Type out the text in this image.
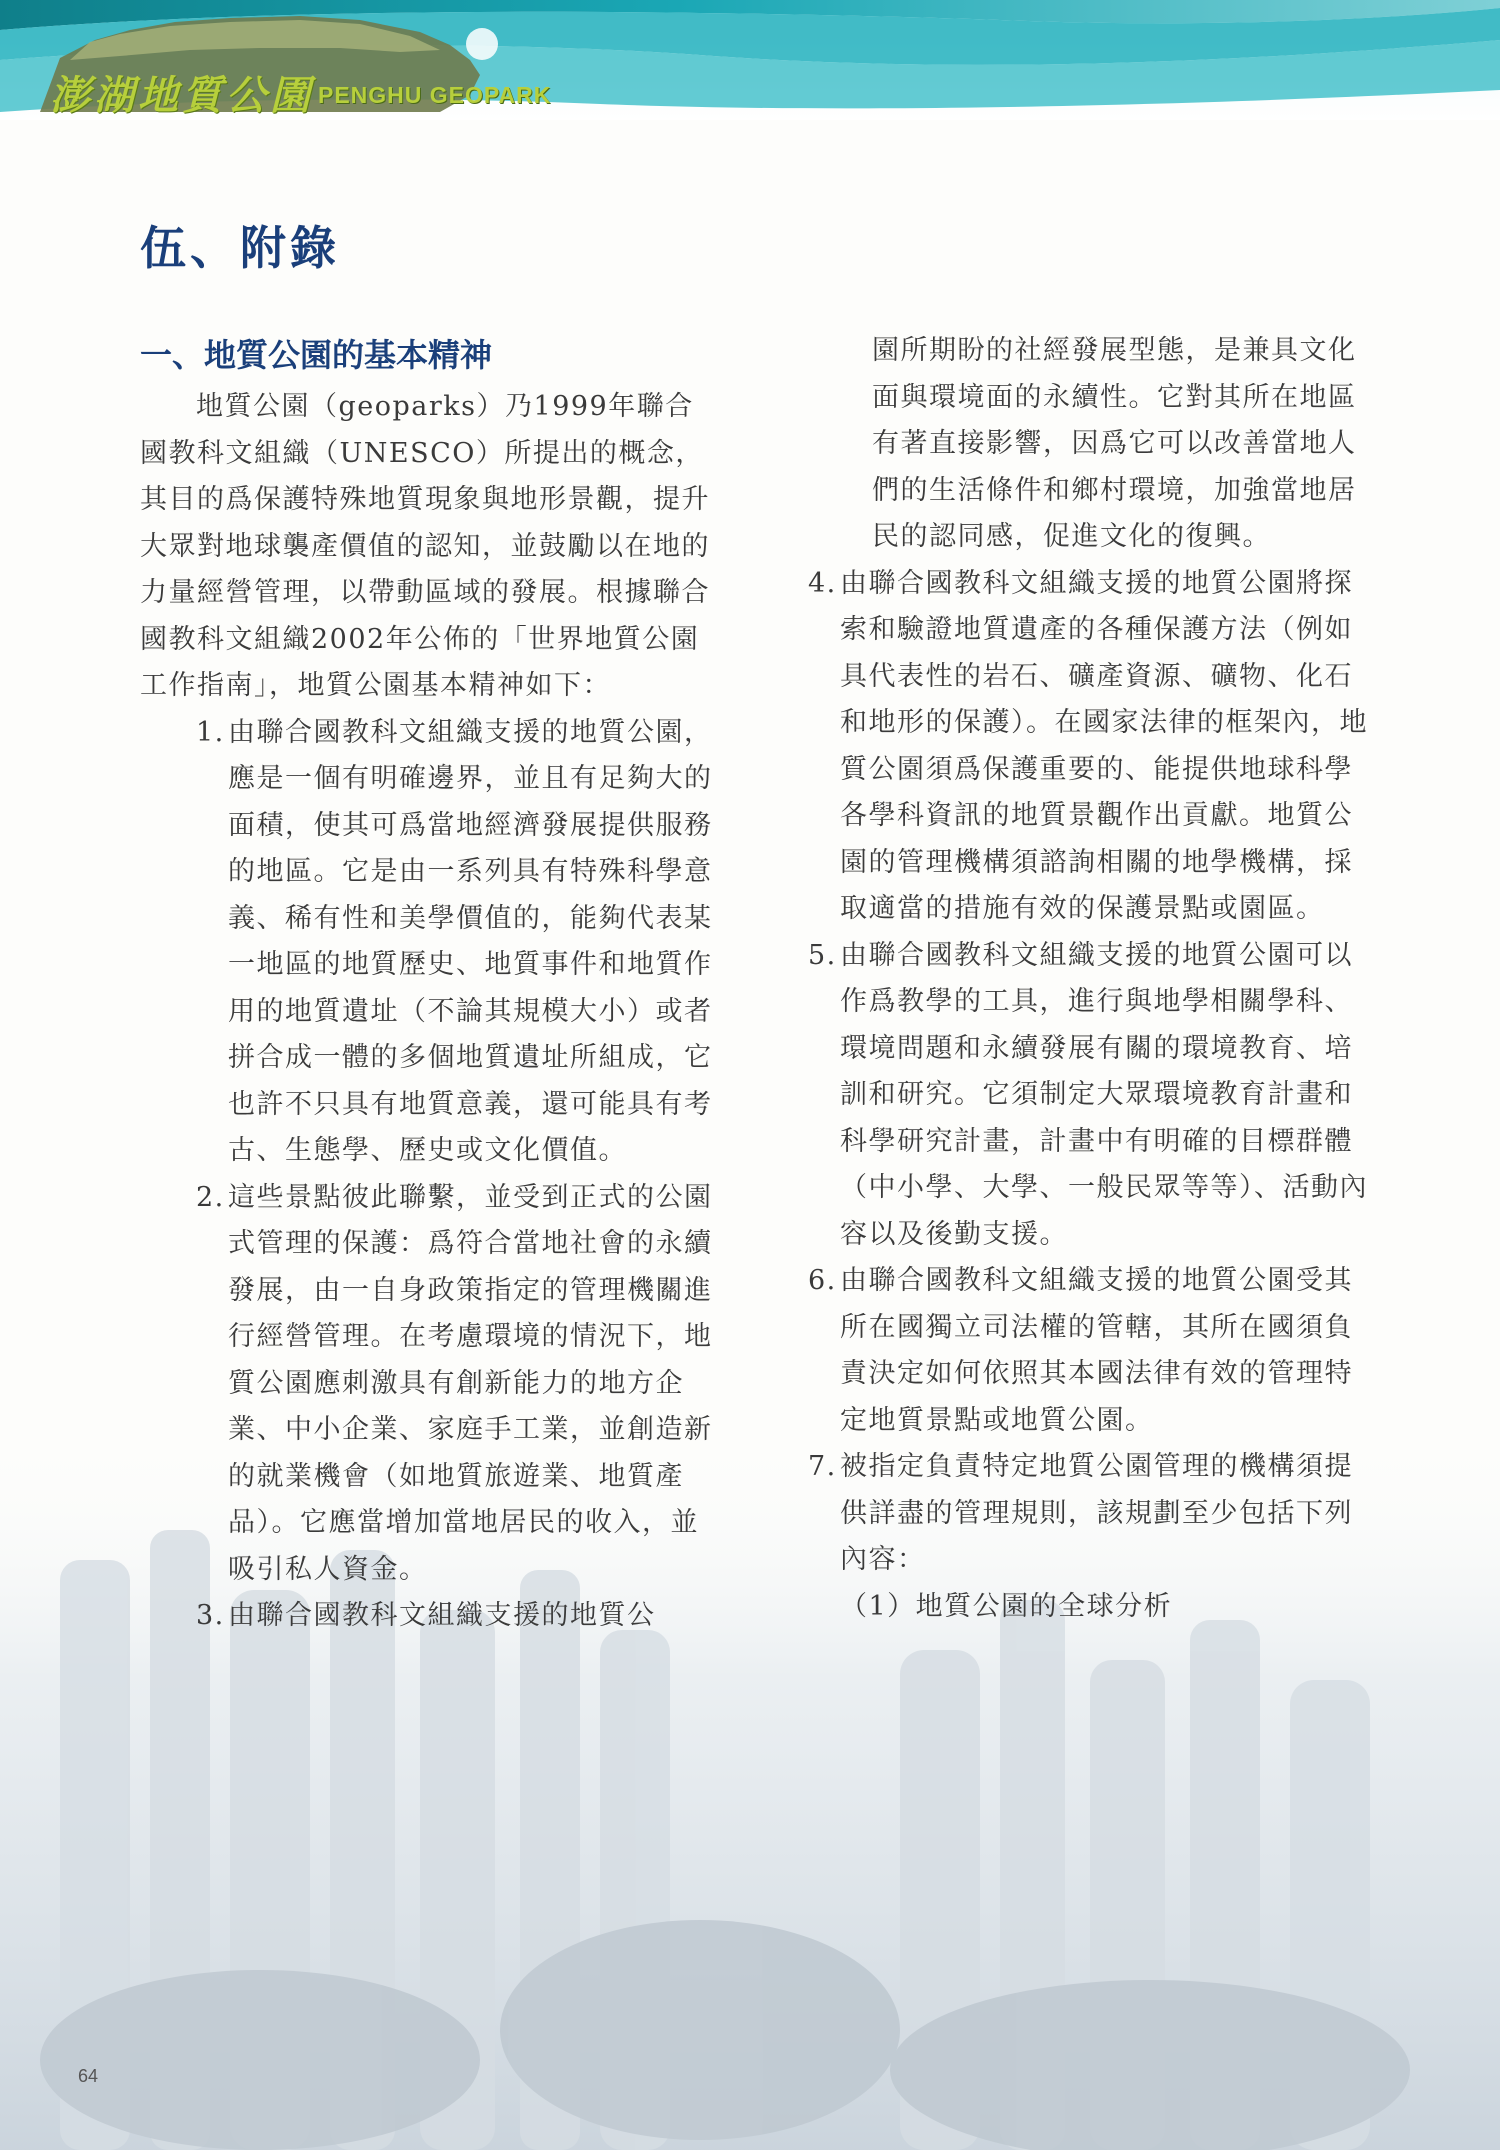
澎湖地質公園 PENGHU GEOPARK
伍、附錄
一、地質公園的基本精神

地質公園（geoparks）乃1999年聯合國教科文組織（UNESCO）所提出的概念，其目的爲保護特殊地質現象與地形景觀，提升大眾對地球襲產價值的認知，並鼓勵以在地的力量經營管理，以帶動區域的發展。根據聯合國教科文組織2002年公佈的「世界地質公園工作指南」，地質公園基本精神如下：

1. 由聯合國教科文組織支援的地質公園，應是一個有明確邊界，並且有足夠大的面積，使其可爲當地經濟發展提供服務的地區。它是由一系列具有特殊科學意義、稀有性和美學價值的，能夠代表某一地區的地質歷史、地質事件和地質作用的地質遺址（不論其規模大小）或者拼合成一體的多個地質遺址所組成，它也許不只具有地質意義，還可能具有考古、生態學、歷史或文化價值。
2. 這些景點彼此聯繫，並受到正式的公園式管理的保護：爲符合當地社會的永續發展，由一自身政策指定的管理機關進行經營管理。在考慮環境的情況下，地質公園應刺激具有創新能力的地方企業、中小企業、家庭手工業，並創造新的就業機會（如地質旅遊業、地質產品）。它應當增加當地居民的收入，並吸引私人資金。
3. 由聯合國教科文組織支援的地質公
園所期盼的社經發展型態，是兼具文化面與環境面的永續性。它對其所在地區有著直接影響，因爲它可以改善當地人們的生活條件和鄉村環境，加強當地居民的認同感，促進文化的復興。
4. 由聯合國教科文組織支援的地質公園將探索和驗證地質遺產的各種保護方法（例如具代表性的岩石、礦產資源、礦物、化石和地形的保護）。在國家法律的框架內，地質公園須爲保護重要的、能提供地球科學各學科資訊的地質景觀作出貢獻。地質公園的管理機構須諮詢相關的地學機構，採取適當的措施有效的保護景點或園區。
5. 由聯合國教科文組織支援的地質公園可以作爲教學的工具，進行與地學相關學科、環境問題和永續發展有關的環境教育、培訓和研究。它須制定大眾環境教育計畫和科學研究計畫，計畫中有明確的目標群體（中小學、大學、一般民眾等等）、活動內容以及後勤支援。
6. 由聯合國教科文組織支援的地質公園受其所在國獨立司法權的管轄，其所在國須負責決定如何依照其本國法律有效的管理特定地質景點或地質公園。
7. 被指定負責特定地質公園管理的機構須提供詳盡的管理規則，該規劃至少包括下列內容：

（1）地質公園的全球分析

64
